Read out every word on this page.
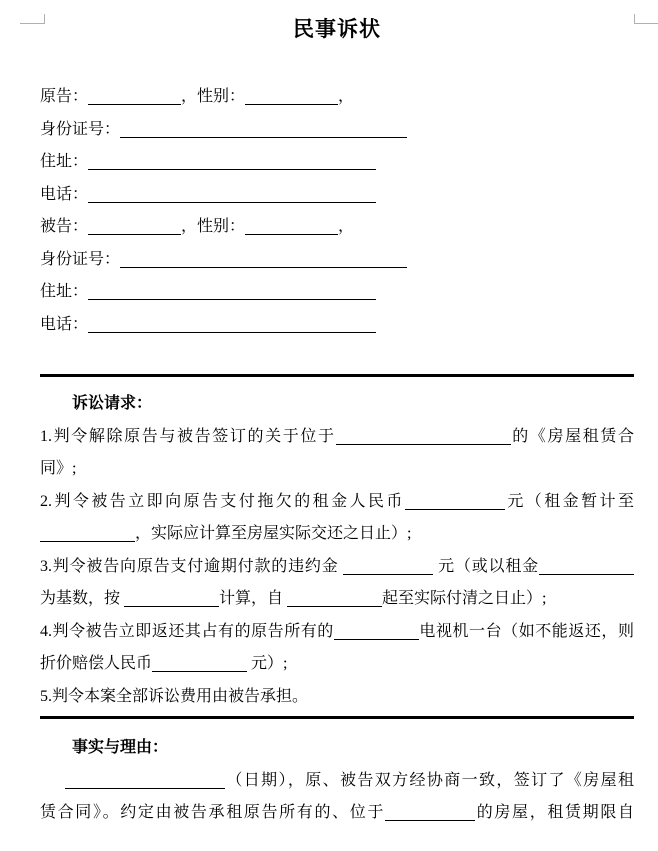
民事诉状
原告：	，性别：	，
身份证号：
住址：
电话：
被告：	，性别：	，
身份证号：
住址：
电话：
诉讼请求：
1.判令解除原告与被告签订的关于位于	的《房屋租赁合
同》;
2.判令被告立即向原告支付拖欠的租金人民币	元（租金暂计至
，实际应计算至房屋实际交还之日止）;
3.判令被告向原告支付逾期付款的违约金	元（或以租金
为基数，按	计算，自	起至实际付清之日止）;
4.判令被告立即返还其占有的原告所有的	电视机一台（如不能返还，则
折价赔偿人民币	元）;
5.判令本案全部诉讼费用由被告承担。
事实与理由：
（日期），原、被告双方经协商一致，签订了《房屋租
赁合同》。约定由被告承租原告所有的、位于	的房屋，租赁期限自
